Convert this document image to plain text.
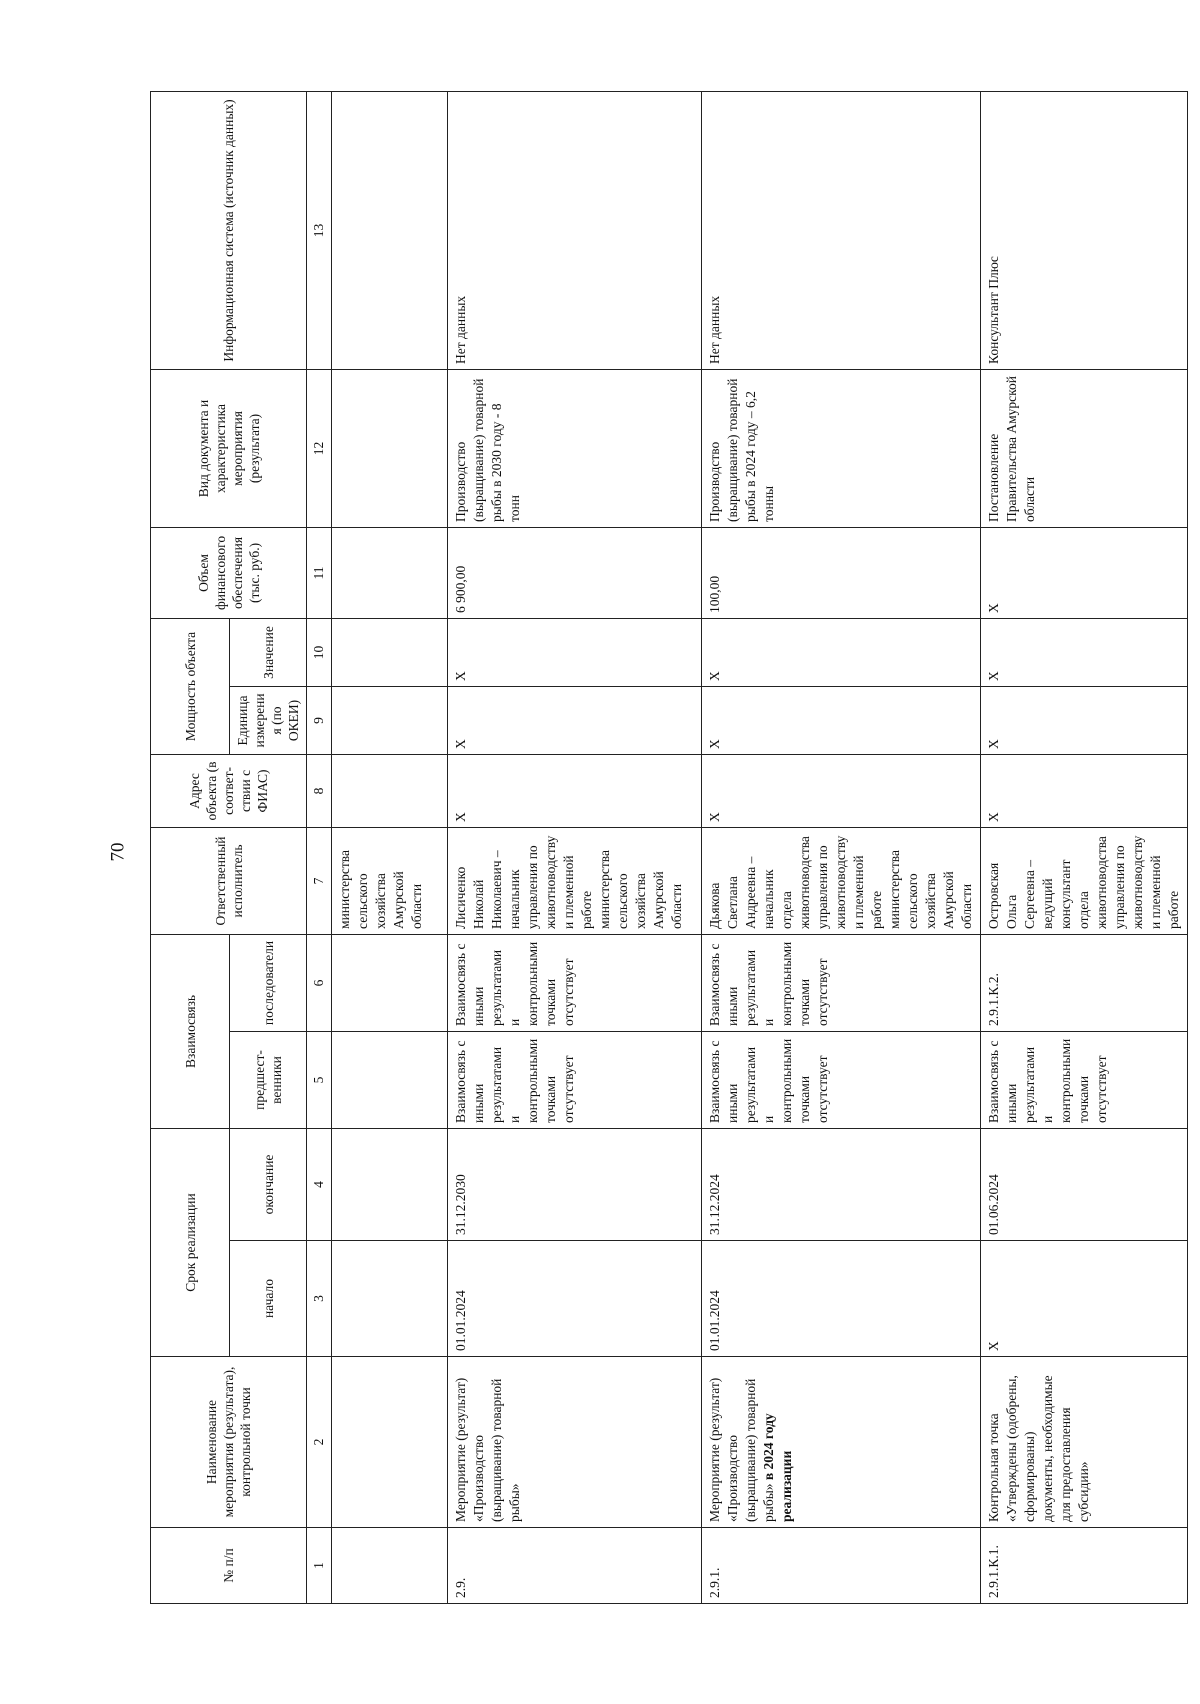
70
№ п/п	Наименование мероприятия (результата), контрольной точки	Срок реализации		Взаимосвязь		Ответственный исполнитель	Адрес объекта (в соответ-ствии с ФИАС)	Мощность объекта		Объем финансового обеспечения (тыс. руб.)	Вид документа и характеристика мероприятия (результата)	Информационная система (источник данных)
		начало	окончание	предшест-венники	последователи			Единица измерения (по ОКЕИ)	Значение			
1	2	3	4	5	6	7	8	9	10	11	12	13
						министерства сельского хозяйства Амурской области						
2.9.	Мероприятие (результат) «Производство (выращивание) товарной рыбы»	01.01.2024	31.12.2030	Взаимосвязь с иными результатами и контрольными точками отсутствует	Взаимосвязь с иными результатами и контрольными точками отсутствует	Лисиченко Николай Николаевич – начальник управления по животноводству и племенной работе министерства сельского хозяйства Амурской области	X	X	X	6 900,00	Производство (выращивание) товарной рыбы в 2030 году - 8 тонн	Нет данных
2.9.1.	Мероприятие (результат) «Производство (выращивание) товарной рыбы» в 2024 году реализации	01.01.2024	31.12.2024	Взаимосвязь с иными результатами и контрольными точками отсутствует	Взаимосвязь с иными результатами и контрольными точками отсутствует	Дьякова Светлана Андреевна – начальник отдела животноводства управления по животноводству и племенной работе министерства сельского хозяйства Амурской области	X	X	X	100,00	Производство (выращивание) товарной рыбы в 2024 году – 6,2 тонны	Нет данных
2.9.1.К.1.	Контрольная точка «Утверждены (одобрены, сформированы) документы, необходимые для предоставления субсидии»	X	01.06.2024	Взаимосвязь с иными результатами и контрольными точками отсутствует	2.9.1.К.2.	Островская Ольга Сергеевна – ведущий консультант отдела животноводства управления по животноводству и племенной работе	X	X	X	X	Постановление Правительства Амурской области	Консультант Плюс
